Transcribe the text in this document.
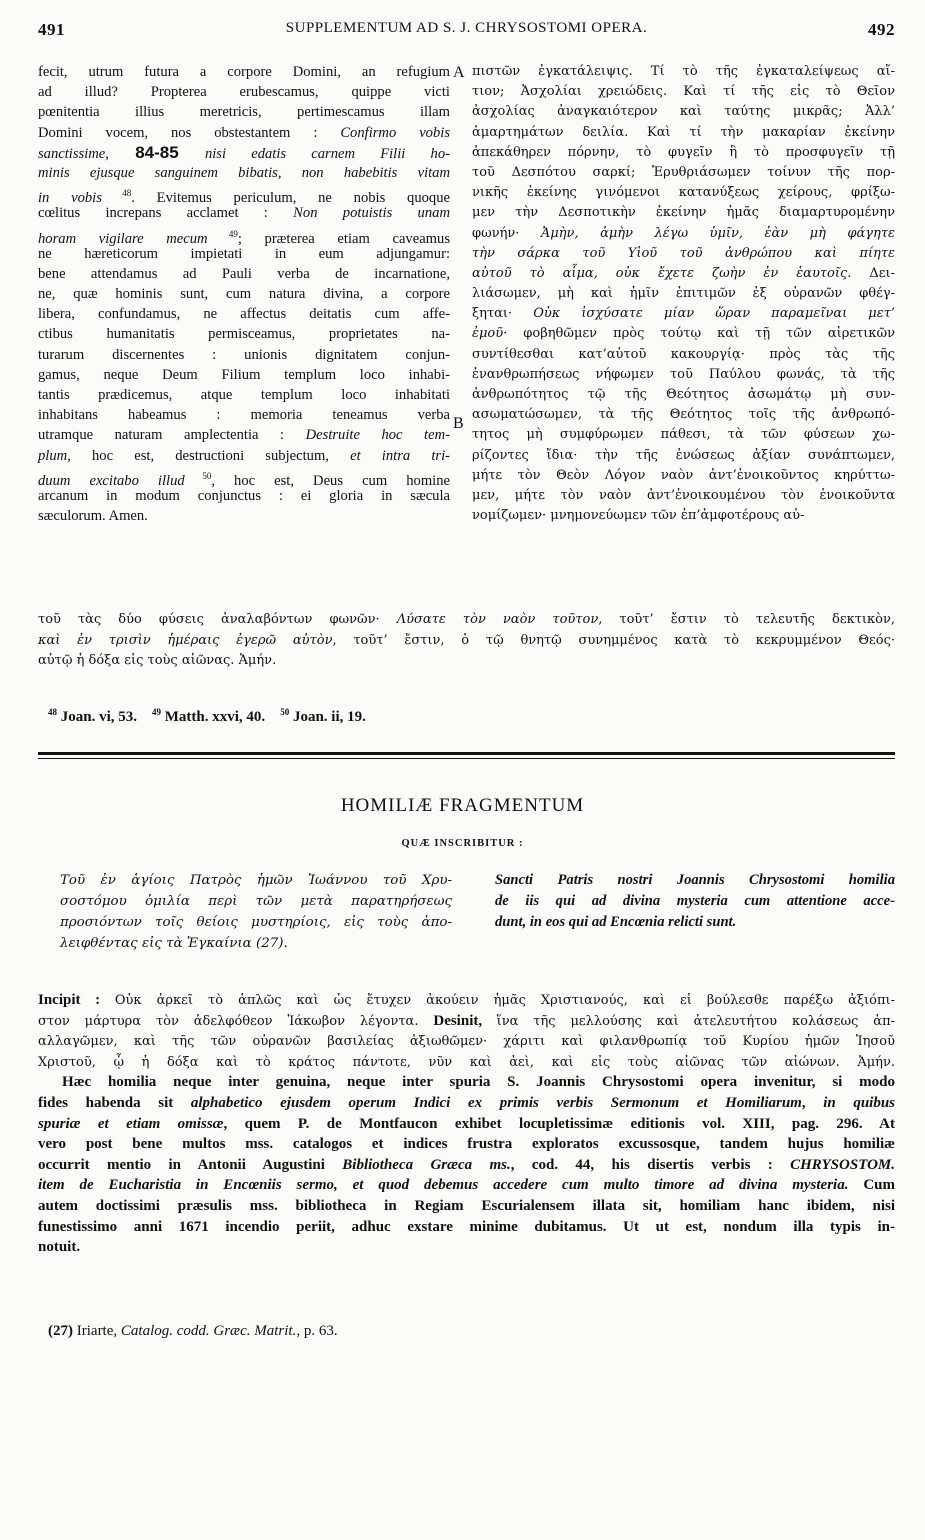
491	SUPPLEMENTUM AD S. J. CHRYSOSTOMI OPERA.	492
fecit, utrum futura a corpore Domini, an refugium
ad illud? Propterea erubescamus, quippe victi
pœnitentia illius meretricis, pertimescamus illam
Domini vocem, nos obstestantem : Confirmo vobis
sanctissime, 84-85 nisi edatis carnem Filii ho-
minis ejusque sanguinem bibatis, non habebitis vitam
in vobis $^{48}$. Evitemus periculum, ne nobis quoque
cœlitus increpans acclamet : Non potuistis unam
horam vigilare mecum $^{49}$; præterea etiam caveamus
ne hæreticorum impietati in eum adjungamur:
bene attendamus ad Pauli verba de incarnatione,
ne, quæ hominis sunt, cum natura divina, a corpore
libera, confundamus, ne affectus deitatis cum affe-
ctibus humanitatis permisceamus, proprietates na-
turarum discernentes : unionis dignitatem conjun-
gamus, neque Deum Filium templum loco inhabi-
tantis prædicemus, atque templum loco inhabitati
inhabitans habeamus : memoria teneamus verba
utramque naturam amplectentia : Destruite hoc tem-
plum, hoc est, destructioni subjectum, et intra tri-
duum excitabo illud $^{50}$, hoc est, Deus cum homine
arcanum in modum conjunctus : ei gloria in sæcula
sæculorum. Amen.
πιστῶν ἐγκατάλειψις. Τί τὸ τῆς ἐγκαταλείψεως αἴ-
τιον; Ἀσχολίαι χρειώδεις. Καὶ τί τῆς εἰς τὸ Θεῖον
ἀσχολίας ἀναγκαιότερον καὶ ταύτης μικρᾶς; Ἀλλ’
ἁμαρτημάτων δειλία. Καὶ τί τὴν μακαρίαν ἐκείνην
ἀπεκάθηρεν πόρνην, τὸ φυγεῖν ἢ τὸ προσφυγεῖν τῇ
τοῦ Δεσπότου σαρκί; Ἐρυθριάσωμεν τοίνυν τῆς πορ-
νικῆς ἐκείνης γινόμενοι κατανύξεως χείρους, φρίξω-
μεν τὴν Δεσποτικὴν ἐκείνην ἡμᾶς διαμαρτυρομένην
φωνήν· Ἀμὴν, ἀμὴν λέγω ὑμῖν, ἐὰν μὴ φάγητε
τὴν σάρκα τοῦ Υἱοῦ τοῦ ἀνθρώπου καὶ πίητε
αὐτοῦ τὸ αἷμα, οὐκ ἔχετε ζωὴν ἐν ἑαυτοῖς. Δει-
λιάσωμεν, μὴ καὶ ἡμῖν ἐπιτιμῶν ἐξ οὐρανῶν φθέγ-
ξηται· Οὐκ ἰσχύσατε μίαν ὥραν παραμεῖναι μετ’
ἐμοῦ· φοβηθῶμεν πρὸς τούτῳ καὶ τῇ τῶν αἱρετικῶν
συντίθεσθαι κατ’αὐτοῦ κακουργίᾳ· πρὸς τὰς τῆς
ἐνανθρωπήσεως νήφωμεν τοῦ Παύλου φωνάς, τὰ τῆς
ἀνθρωπότητος τῷ τῆς Θεότητος ἀσωμάτῳ μὴ συν-
ασωματώσωμεν, τὰ τῆς Θεότητος τοῖς τῆς ἀνθρωπό-
τητος μὴ συμφύρωμεν πάθεσι, τὰ τῶν φύσεων χω-
ρίζοντες ἴδια· τὴν τῆς ἑνώσεως ἀξίαν συνάπτωμεν,
μήτε τὸν Θεὸν Λόγον ναὸν ἀντ’ἐνοικοῦντος κηρύττω-
μεν, μήτε τὸν ναὸν ἀντ’ἐνοικουμένου τὸν ἐνοικοῦντα
νομίζωμεν· μνημονεύωμεν τῶν ἐπ’ἀμφοτέρους αὐ-
A
B
τοῦ τὰς δύο φύσεις ἀναλαβόντων φωνῶν· Λύσατε τὸν ναὸν τοῦτον, τοῦτ’ ἔστιν τὸ τελευτῆς δεκτικὸν,
καὶ ἐν τρισὶν ἡμέραις ἐγερῶ αὐτὸν, τοῦτ’ ἔστιν, ὁ τῷ θνητῷ συνημμένος κατὰ τὸ κεκρυμμένον Θεός·
αὐτῷ ἡ δόξα εἰς τοὺς αἰῶνας. Ἀμήν.
$^{48}$ Joan. vi, 53. $^{49}$ Matth. xxvi, 40. $^{50}$ Joan. ii, 19.
HOMILIÆ FRAGMENTUM
QUÆ INSCRIBITUR :
Τοῦ ἐν ἁγίοις Πατρὸς ἡμῶν Ἰωάννου τοῦ Χρυ-
σοστόμου ὁμιλία περὶ τῶν μετὰ παρατηρήσεως
προσιόντων τοῖς θείοις μυστηρίοις, εἰς τοὺς ἀπο-
λειφθέντας εἰς τὰ Ἐγκαίνια (27).
Sancti Patris nostri Joannis Chrysostomi homilia
de iis qui ad divina mysteria cum attentione acce-
dunt, in eos qui ad Encœnia relicti sunt.
Incipit : Οὐκ ἀρκεῖ τὸ ἁπλῶς καὶ ὡς ἔτυχεν ἀκούειν ἡμᾶς Χριστιανούς, καὶ εἰ βούλεσθε παρέξω ἀξιόπι-
στον μάρτυρα τὸν ἀδελφόθεον Ἰάκωβον λέγοντα. Desinit, ἵνα τῆς μελλούσης καὶ ἀτελευτήτου κολάσεως ἀπ-
αλλαγῶμεν, καὶ τῆς τῶν οὐρανῶν βασιλείας ἀξιωθῶμεν· χάριτι καὶ φιλανθρωπίᾳ τοῦ Κυρίου ἡμῶν Ἰησοῦ
Χριστοῦ, ᾧ ἡ δόξα καὶ τὸ κράτος πάντοτε, νῦν καὶ ἀεὶ, καὶ εἰς τοὺς αἰῶνας τῶν αἰώνων. Ἀμήν.
Hæc homilia neque inter genuina, neque inter spuria S. Joannis Chrysostomi opera invenitur, si modo
fides habenda sit alphabetico ejusdem operum Indici ex primis verbis Sermonum et Homiliarum, in quibus
spuriæ et etiam omissæ, quem P. de Montfaucon exhibet locupletissimæ editionis vol. XIII, pag. 296. At
vero post bene multos mss. catalogos et indices frustra exploratos excussosque, tandem hujus homiliæ
occurrit mentio in Antonii Augustini Bibliotheca Græca ms., cod. 44, his disertis verbis : CHRYSOSTOM.
item de Eucharistia in Encœniis sermo, et quod debemus accedere cum multo timore ad divina mysteria. Cum
autem doctissimi præsulis mss. bibliotheca in Regiam Escurialensem illata sit, homiliam hanc ibidem, nisi
funestissimo anni 1671 incendio periit, adhuc exstare minime dubitamus. Ut ut est, nondum illa typis in-
notuit.
(27) Iriarte, Catalog. codd. Græc. Matrit., p. 63.
